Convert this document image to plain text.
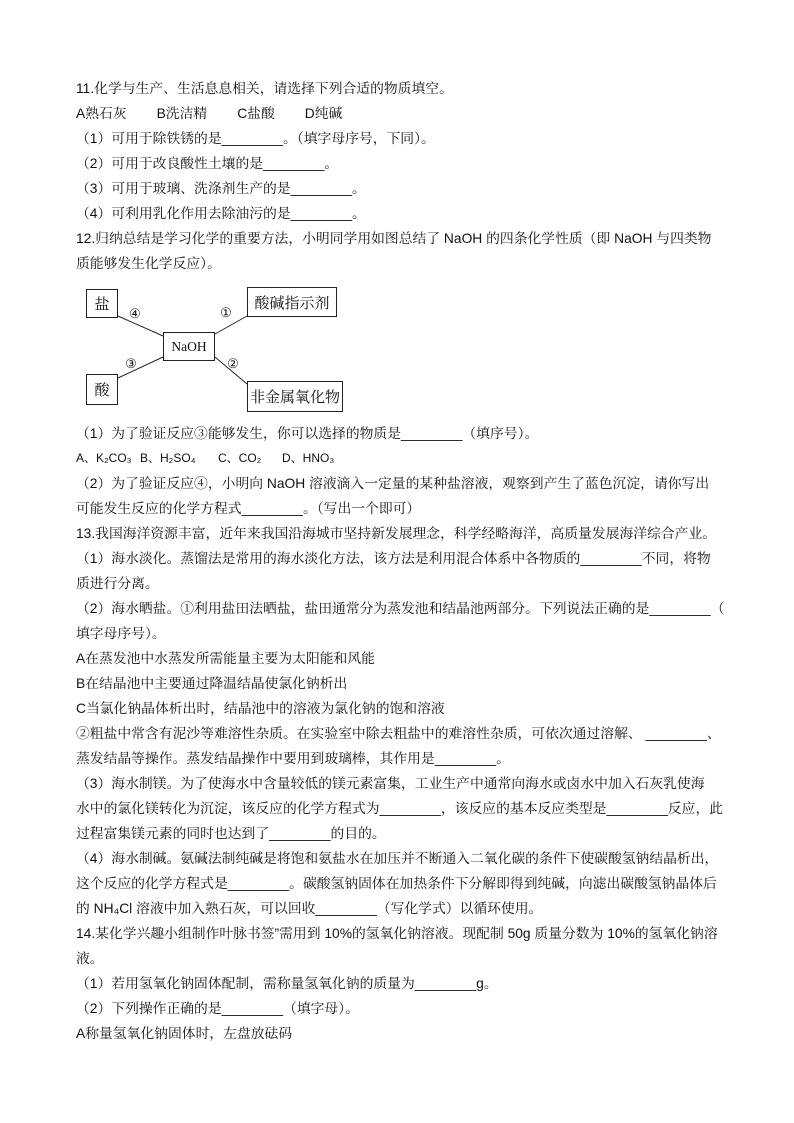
11.化学与生产、生活息息相关，请选择下列合适的物质填空。
A熟石灰 B洗洁精 C盐酸 D纯碱
（1）可用于除铁锈的是________。（填字母序号，下同）。
（2）可用于改良酸性土壤的是________。
（3）可用于玻璃、洗涤剂生产的是________。
（4）可利用乳化作用去除油污的是________。
12.归纳总结是学习化学的重要方法，小明同学用如图总结了 NaOH 的四条化学性质（即 NaOH 与四类物
质能够发生化学反应）。
盐	酸碱指示剂
NaOH
酸	非金属氧化物
④	①
③	②
（1）为了验证反应③能够发生，你可以选择的物质是________（填序号）。
A、K₂CO₃ B、H₂SO₄	C、CO₂	D、HNO₃
（2）为了验证反应④，小明向 NaOH 溶液滴入一定量的某种盐溶液，观察到产生了蓝色沉淀，请你写出
可能发生反应的化学方程式________。（写出一个即可）
13.我国海洋资源丰富，近年来我国沿海城市坚持新发展理念，科学经略海洋，高质量发展海洋综合产业。
（1）海水淡化。蒸馏法是常用的海水淡化方法，该方法是利用混合体系中各物质的________不同，将物
质进行分离。
（2）海水晒盐。①利用盐田法晒盐，盐田通常分为蒸发池和结晶池两部分。下列说法正确的是________（
填字母序号）。
A在蒸发池中水蒸发所需能量主要为太阳能和风能
B在结晶池中主要通过降温结晶使氯化钠析出
C当氯化钠晶体析出时，结晶池中的溶液为氯化钠的饱和溶液
②粗盐中常含有泥沙等难溶性杂质。在实验室中除去粗盐中的难溶性杂质，可依次通过溶解、 ________、
蒸发结晶等操作。蒸发结晶操作中要用到玻璃棒，其作用是________。
（3）海水制镁。为了使海水中含量较低的镁元素富集，工业生产中通常向海水或卤水中加入石灰乳使海
水中的氯化镁转化为沉淀，该反应的化学方程式为________，该反应的基本反应类型是________反应，此
过程富集镁元素的同时也达到了________的目的。
（4）海水制碱。氨碱法制纯碱是将饱和氨盐水在加压并不断通入二氧化碳的条件下使碳酸氢钠结晶析出，
这个反应的化学方程式是________。碳酸氢钠固体在加热条件下分解即得到纯碱，向滤出碳酸氢钠晶体后
的 NH₄Cl 溶液中加入熟石灰，可以回收________（写化学式）以循环使用。
14.某化学兴趣小组制作叶脉书签”需用到 10%的氢氧化钠溶液。现配制 50g 质量分数为 10%的氢氧化钠溶
液。
（1）若用氢氧化钠固体配制，需称量氢氧化钠的质量为________g。
（2）下列操作正确的是________（填字母）。
A称量氢氧化钠固体时，左盘放砝码
